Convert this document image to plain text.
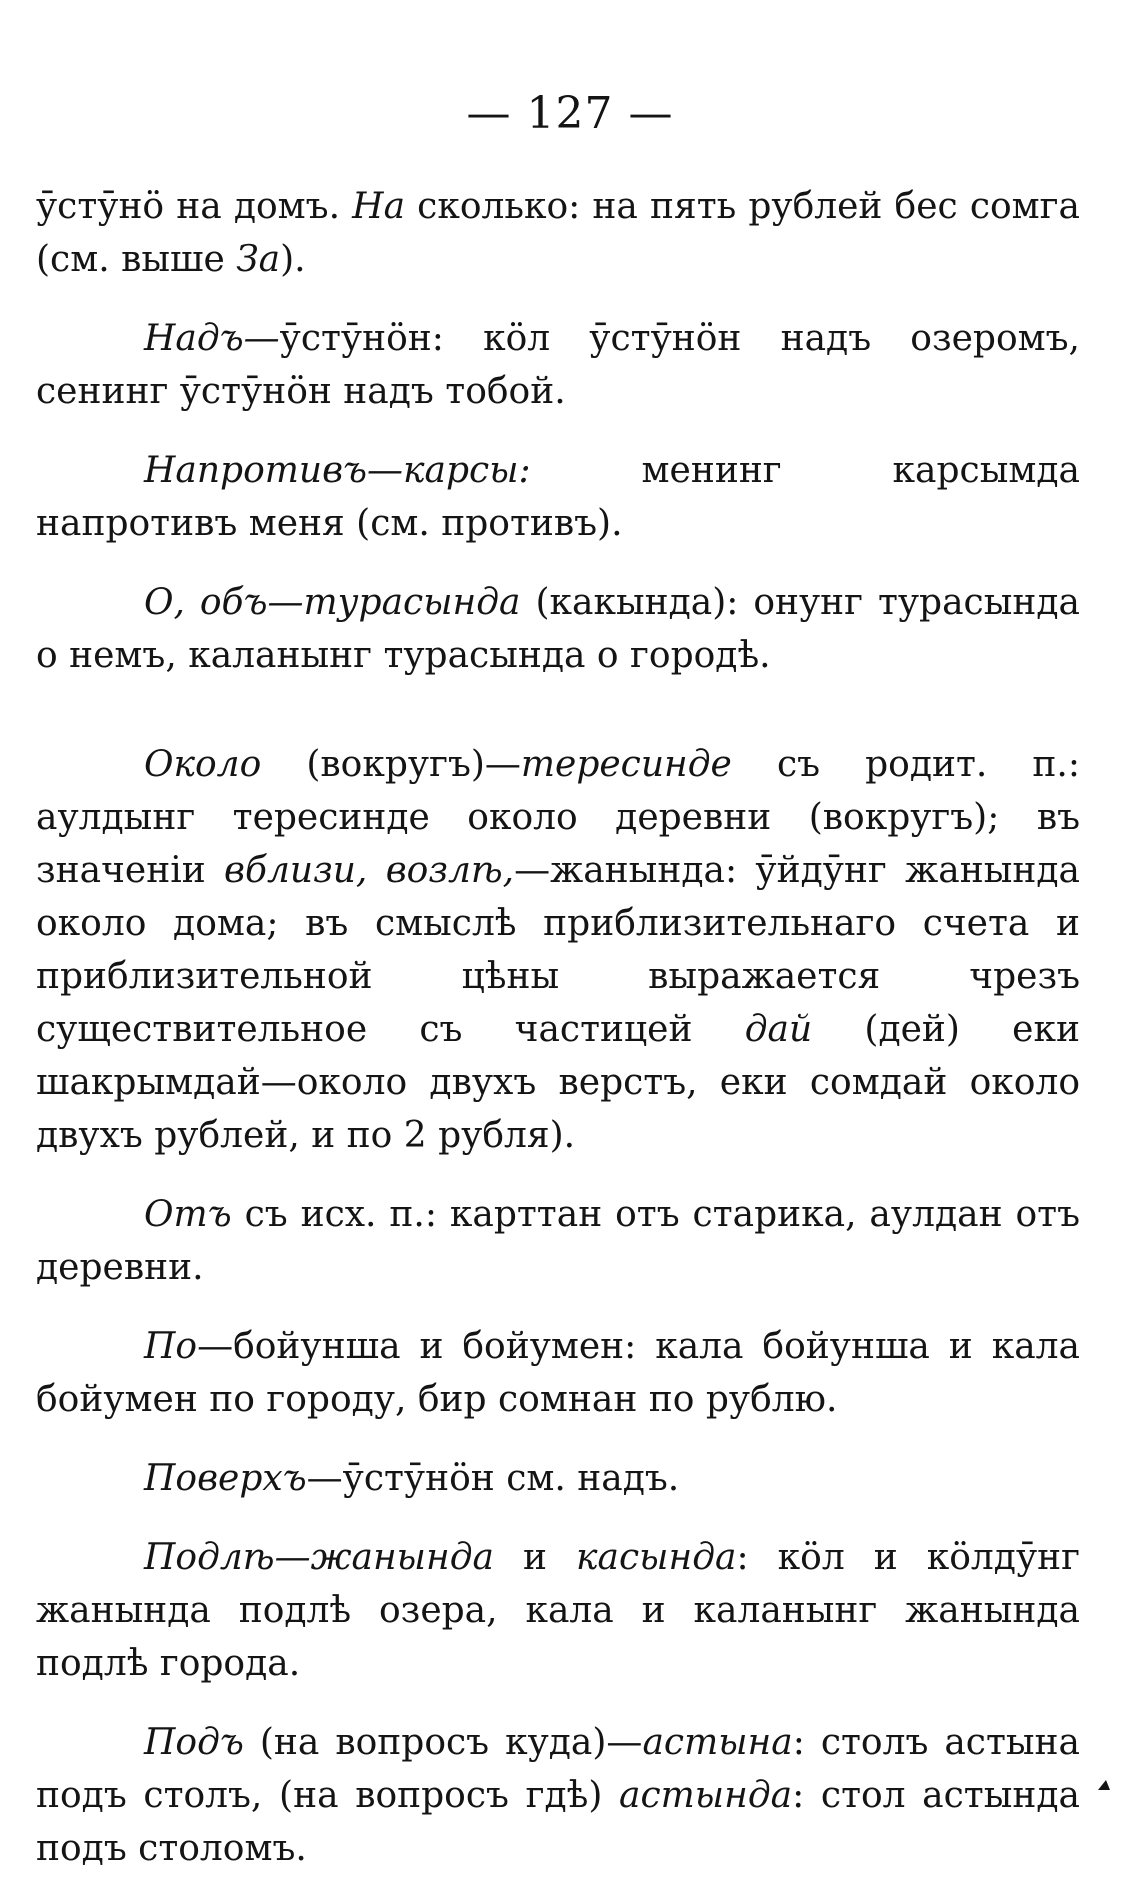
— 127 —

ӯстӯнӧ на домъ. На сколько: на пять рублей бес сомга (см. выше За).

Надъ—ӯстӯнӧн: кӧл ӯстӯнӧн надъ озеромъ, сенинг ӯстӯнӧн надъ тобой.

Напротивъ—карсы: менинг карсымда напротивъ меня (см. противъ).

О, объ—турасында (какында): онунг турасында о немъ, каланынг турасында о городѣ.

Около (вокругъ)—тересинде съ родит. п.: аулдынг тересинде около деревни (вокругъ); въ значенiи вблизи, возлѣ,—жанында: ӯйдӯнг жанында около дома; въ смыслѣ приблизительнаго счета и приблизительной цѣны выражается чрезъ существительное съ частицей дай (дей) еки шакрымдай—около двухъ верстъ, еки сомдай около двухъ рублей, и по 2 рубля).

Отъ съ исх. п.: карттан отъ старика, аулдан отъ деревни.

По—бойунша и бойумен: кала бойунша и кала бойумен по городу, бир сомнан по рублю.

Поверхъ—ӯстӯнӧн см. надъ.

Подлѣ—жанында и касында: кӧл и кӧлдӯнг жанында подлѣ озера, кала и каланынг жанында подлѣ города.

Подъ (на вопросъ куда)—астына: столъ астына подъ столъ, (на вопросъ гдѣ) астында: стол астында подъ столомъ.
